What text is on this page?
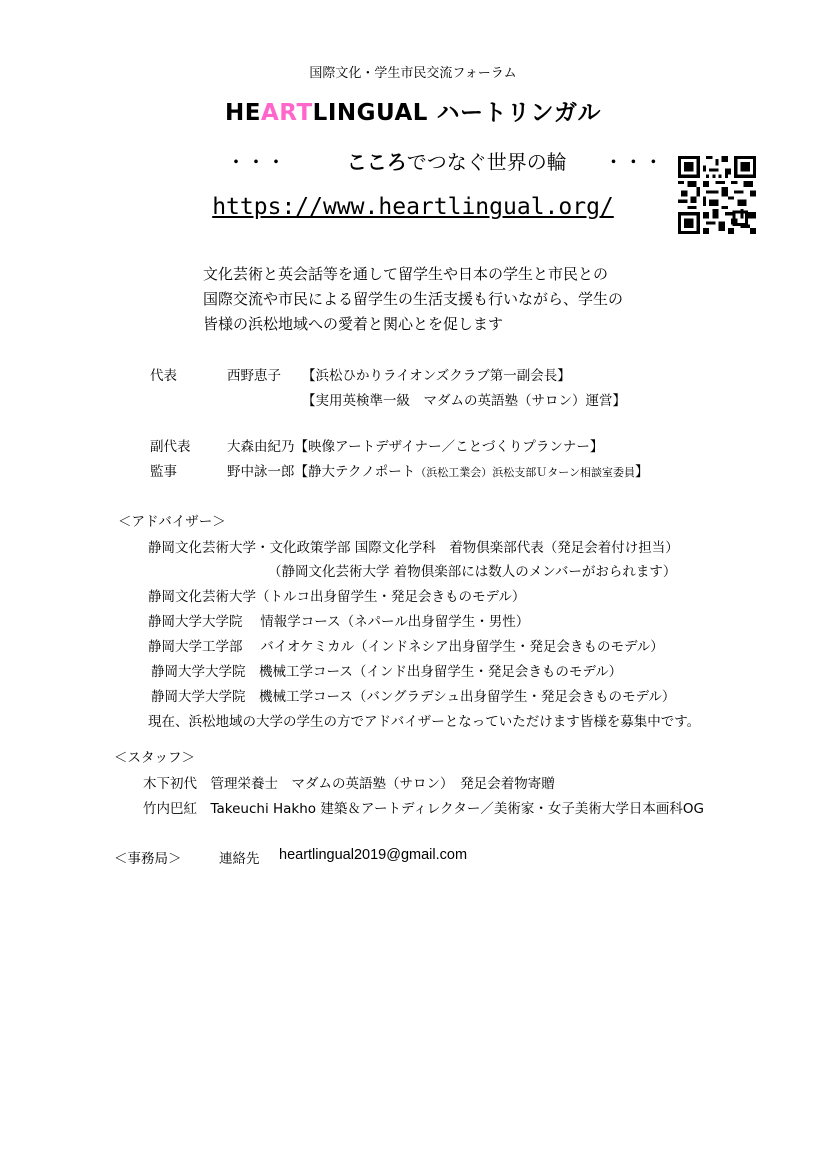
国際文化・学生市民交流フォーラム
HEARTLINGUAL ハートリンガル
・・・	こころでつなぐ世界の輪 ・・・
https://www.heartlingual.org/
文化芸術と英会話等を通して留学生や日本の学生と市民との
国際交流や市民による留学生の生活支援も行いながら、学生の
皆様の浜松地域への愛着と関心とを促します
代表	西野恵子 【浜松ひかりライオンズクラブ第一副会長】
【実用英検準一級　マダムの英語塾（サロン）運営】
副代表	大森由紀乃【映像アートデザイナー／ことづくりプランナー】
監事	野中詠一郎【静大テクノポート（浜松工業会）浜松支部Ｕターン相談室委員】
＜アドバイザー＞
静岡文化芸術大学・文化政策学部 国際文化学科　着物倶楽部代表（発足会着付け担当）
（静岡文化芸術大学 着物倶楽部には数人のメンバーがおられます）
静岡文化芸術大学（トルコ出身留学生・発足会きものモデル）
静岡大学大学院　 情報学コース（ネパール出身留学生・男性）
静岡大学工学部　 バイオケミカル（インドネシア出身留学生・発足会きものモデル）
静岡大学大学院　機械工学コース（インド出身留学生・発足会きものモデル）
静岡大学大学院　機械工学コース（バングラデシュ出身留学生・発足会きものモデル）
現在、浜松地域の大学の学生の方でアドバイザーとなっていただけます皆様を募集中です。
＜スタッフ＞
木下初代　管理栄養士　マダムの英語塾（サロン）　発足会着物寄贈
竹内巴紅　Takeuchi Hakho 建築＆アートディレクター／美術家・女子美術大学日本画科OG
＜事務局＞	連絡先 heartlingual2019@gmail.com
